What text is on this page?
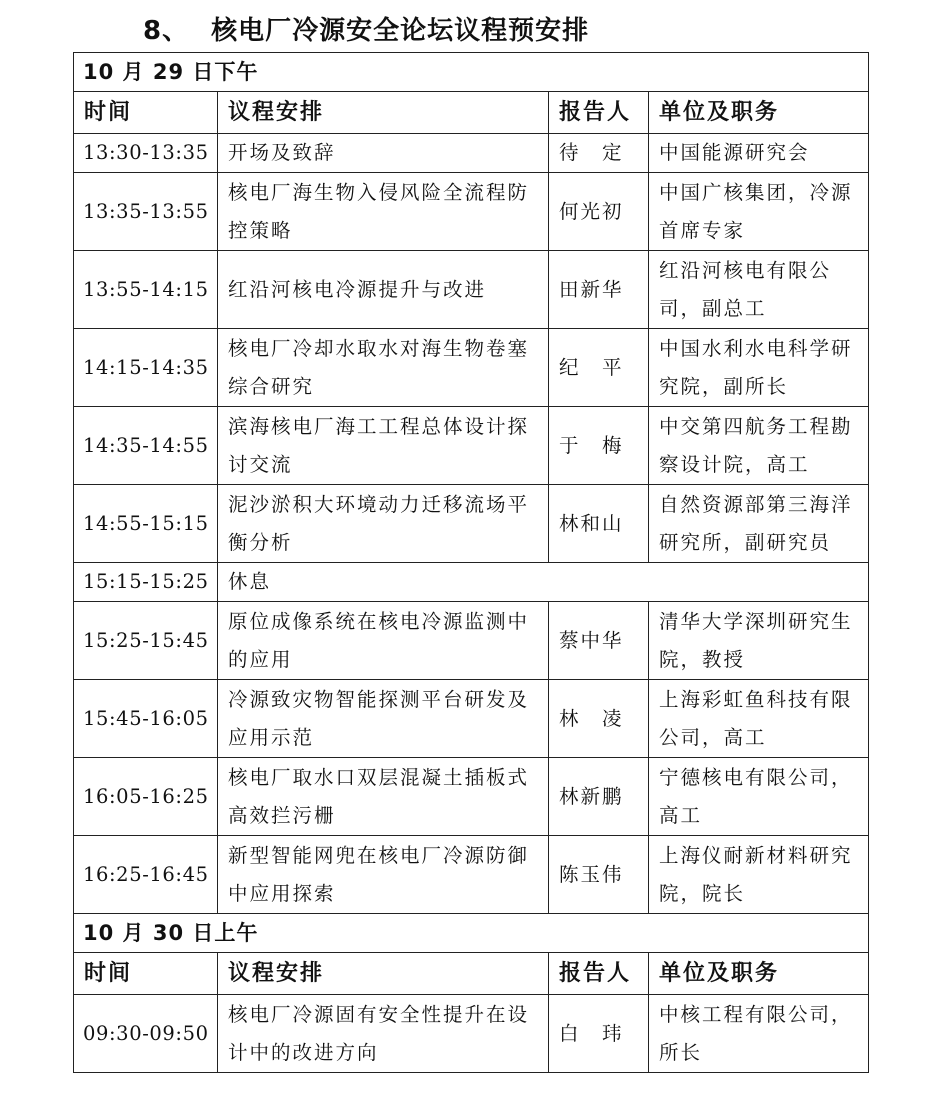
8、 核电厂冷源安全论坛议程预安排
10 月 29 日下午			
时间	议程安排	报告人	单位及职务
13:30-13:35	开场及致辞	待　定	中国能源研究会
13:35-13:55	核电厂海生物入侵风险全流程防控策略	何光初	中国广核集团，冷源首席专家
13:55-14:15	红沿河核电冷源提升与改进	田新华	红沿河核电有限公司，副总工
14:15-14:35	核电厂冷却水取水对海生物卷塞综合研究	纪　平	中国水利水电科学研究院，副所长
14:35-14:55	滨海核电厂海工工程总体设计探讨交流	于　梅	中交第四航务工程勘察设计院，高工
14:55-15:15	泥沙淤积大环境动力迁移流场平衡分析	林和山	自然资源部第三海洋研究所，副研究员
15:15-15:25	休息		
15:25-15:45	原位成像系统在核电冷源监测中的应用	蔡中华	清华大学深圳研究生院，教授
15:45-16:05	冷源致灾物智能探测平台研发及应用示范	林　凌	上海彩虹鱼科技有限公司，高工
16:05-16:25	核电厂取水口双层混凝土插板式高效拦污栅	林新鹏	宁德核电有限公司，高工
16:25-16:45	新型智能网兜在核电厂冷源防御中应用探索	陈玉伟	上海仪耐新材料研究院，院长
10 月 30 日上午			
时间	议程安排	报告人	单位及职务
09:30-09:50	核电厂冷源固有安全性提升在设计中的改进方向	白　玮	中核工程有限公司，所长
